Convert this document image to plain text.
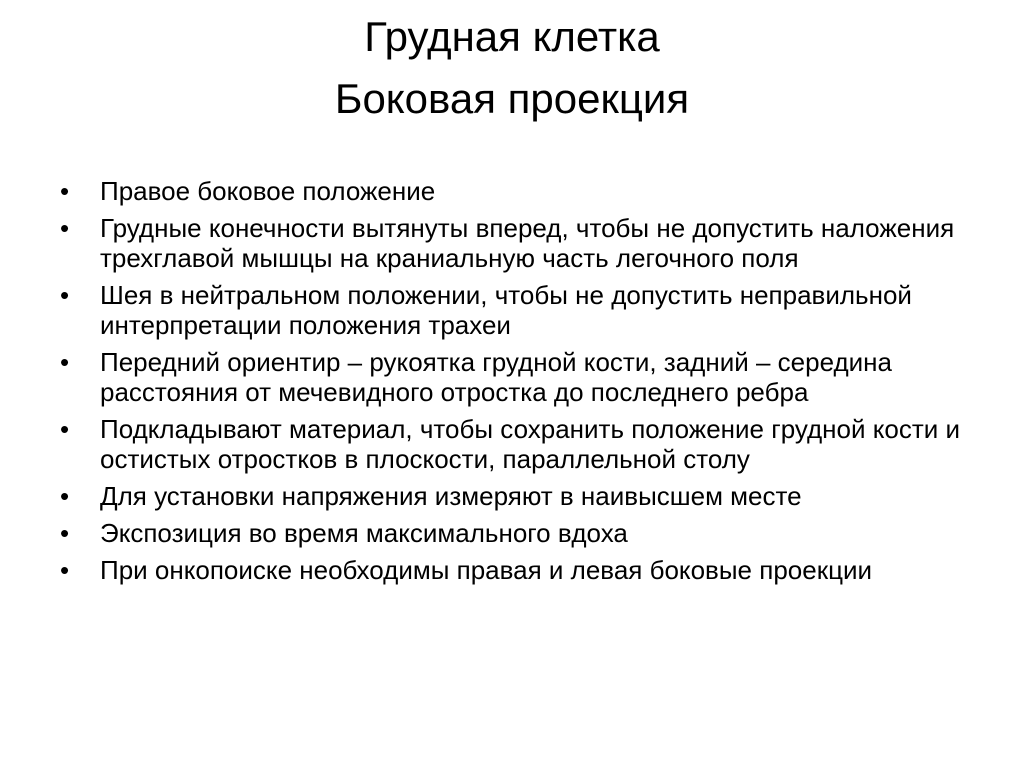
Грудная клетка
Боковая проекция
•	Правое боковое положение
•	Грудные конечности вытянуты вперед, чтобы не допустить наложения трехглавой мышцы на краниальную часть легочного поля
•	Шея в нейтральном положении, чтобы не допустить неправильной интерпретации положения трахеи
•	Передний ориентир – рукоятка грудной кости, задний – середина расстояния от мечевидного отростка до последнего ребра
•	Подкладывают материал, чтобы сохранить положение грудной кости и остистых отростков в плоскости, параллельной столу
•	Для установки напряжения измеряют в наивысшем месте
•	Экспозиция во время максимального вдоха
•	При онкопоиске необходимы правая и левая боковые проекции
